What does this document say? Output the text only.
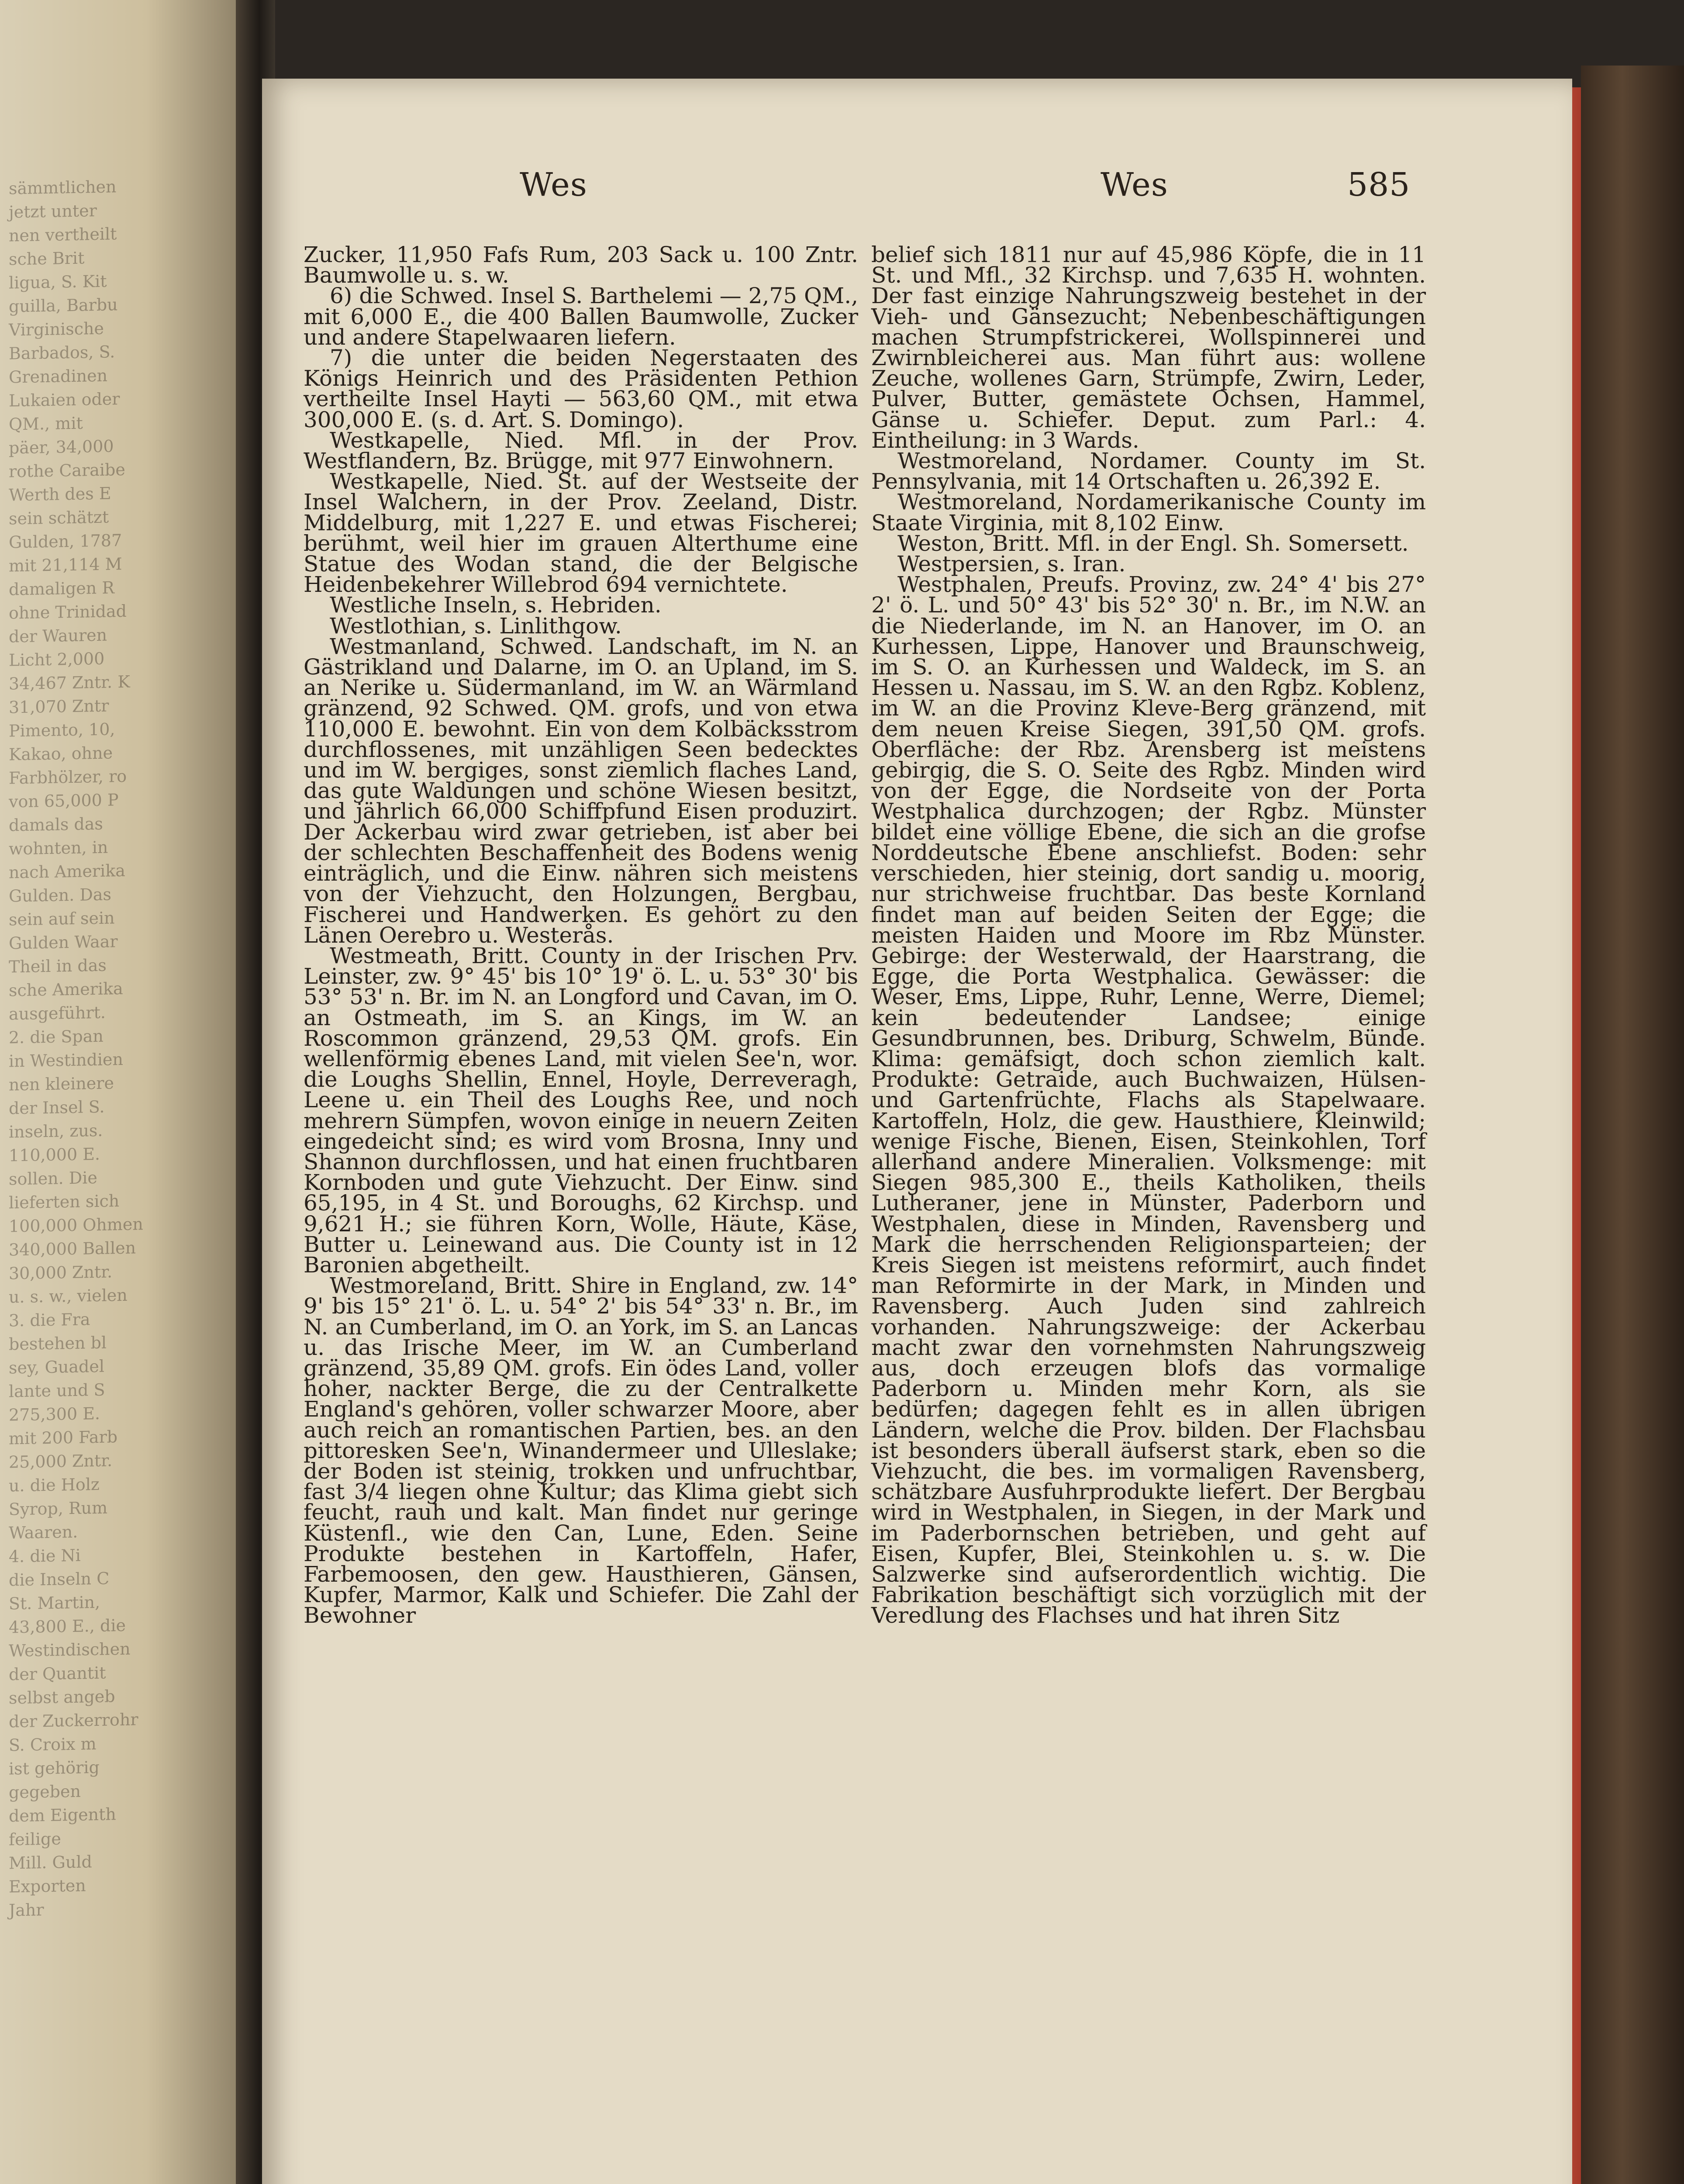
sämmtlichen
jetzt unter
nen vertheilt
sche Brit
ligua, S. Kit
guilla, Barbu
Virginische
Barbados, S.
Grenadinen
Lukaien oder
QM., mit
päer, 34,000
rothe Caraibe
Werth des E
sein schätzt
Gulden, 1787
mit 21,114 M
damaligen R
ohne Trinidad
der Wauren
Licht 2,000
34,467 Zntr. K
31,070 Zntr
Pimento, 10,
Kakao, ohne
Farbhölzer, ro
von 65,000 P
damals das
wohnten, in
nach Amerika
Gulden. Das
sein auf sein
Gulden Waar
Theil in das
sche Amerika
ausgeführt.
2. die Span
in Westindien
nen kleinere
der Insel S.
inseln, zus.
110,000 E.
sollen. Die
lieferten sich
100,000 Ohmen
340,000 Ballen
30,000 Zntr.
u. s. w., vielen
3. die Fra
bestehen bl
sey, Guadel
lante und S
275,300 E.
mit 200 Farb
25,000 Zntr.
u. die Holz
Syrop, Rum
Waaren.
4. die Ni
die Inseln C
St. Martin,
43,800 E., die
Westindischen
der Quantit
selbst angeb
der Zuckerrohr
S. Croix m
ist gehörig
gegeben
dem Eigenth
feilige
Mill. Guld
Exporten
Jahr
Wes	Wes	585

Zucker, 11,950 Fafs Rum, 203 Sack u. 100 Zntr. Baumwolle u. s. w.

6) die Schwed. Insel S. Barthelemi — 2,75 QM., mit 6,000 E., die 400 Ballen Baumwolle, Zucker und andere Stapelwaaren liefern.

7) die unter die beiden Negerstaaten des Königs Heinrich und des Präsidenten Pethion vertheilte Insel Hayti — 563,60 QM., mit etwa 300,000 E. (s. d. Art. S. Domingo).

Westkapelle, Nied. Mfl. in der Prov. Westflandern, Bz. Brügge, mit 977 Einwohnern.

Westkapelle, Nied. St. auf der Westseite der Insel Walchern, in der Prov. Zeeland, Distr. Middelburg, mit 1,227 E. und etwas Fischerei; berühmt, weil hier im grauen Alterthume eine Statue des Wodan stand, die der Belgische Heidenbekehrer Willebrod 694 vernichtete.

Westliche Inseln, s. Hebriden.

Westlothian, s. Linlithgow.

Westmanland, Schwed. Landschaft, im N. an Gästrikland und Dalarne, im O. an Upland, im S. an Nerike u. Südermanland, im W. an Wärmland gränzend, 92 Schwed. QM. grofs, und von etwa 110,000 E. bewohnt. Ein von dem Kolbäcksstrom durchflossenes, mit unzähligen Seen bedecktes und im W. bergiges, sonst ziemlich flaches Land, das gute Waldungen und schöne Wiesen besitzt, und jährlich 66,000 Schiffpfund Eisen produzirt. Der Ackerbau wird zwar getrieben, ist aber bei der schlechten Beschaffenheit des Bodens wenig einträglich, und die Einw. nähren sich meistens von der Viehzucht, den Holzungen, Bergbau, Fischerei und Handwerken. Es gehört zu den Länen Oerebro u. Westerås.

Westmeath, Britt. County in der Irischen Prv. Leinster, zw. 9° 45' bis 10° 19' ö. L. u. 53° 30' bis 53° 53' n. Br. im N. an Longford und Cavan, im O. an Ostmeath, im S. an Kings, im W. an Roscommon gränzend, 29,53 QM. grofs. Ein wellenförmig ebenes Land, mit vielen See'n, wor. die Loughs Shellin, Ennel, Hoyle, Derreveragh, Leene u. ein Theil des Loughs Ree, und noch mehrern Sümpfen, wovon einige in neuern Zeiten eingedeicht sind; es wird vom Brosna, Inny und Shannon durchflossen, und hat einen fruchtbaren Kornboden und gute Viehzucht. Der Einw. sind 65,195, in 4 St. und Boroughs, 62 Kirchsp. und 9,621 H.; sie führen Korn, Wolle, Häute, Käse, Butter u. Leinewand aus. Die County ist in 12 Baronien abgetheilt.

Westmoreland, Britt. Shire in England, zw. 14° 9' bis 15° 21' ö. L. u. 54° 2' bis 54° 33' n. Br., im N. an Cumberland, im O. an York, im S. an Lancas u. das Irische Meer, im W. an Cumberland gränzend, 35,89 QM. grofs. Ein ödes Land, voller hoher, nackter Berge, die zu der Centralkette England's gehören, voller schwarzer Moore, aber auch reich an romantischen Partien, bes. an den pittoresken See'n, Winandermeer und Ulleslake; der Boden ist steinig, trokken und unfruchtbar, fast 3/4 liegen ohne Kultur; das Klima giebt sich feucht, rauh und kalt. Man findet nur geringe Küstenfl., wie den Can, Lune, Eden. Seine Produkte bestehen in Kartoffeln, Hafer, Farbemoosen, den gew. Hausthieren, Gänsen, Kupfer, Marmor, Kalk und Schiefer. Die Zahl der Bewohner

belief sich 1811 nur auf 45,986 Köpfe, die in 11 St. und Mfl., 32 Kirchsp. und 7,635 H. wohnten. Der fast einzige Nahrungszweig bestehet in der Vieh- und Gänsezucht; Nebenbeschäftigungen machen Strumpfstrickerei, Wollspinnerei und Zwirnbleicherei aus. Man führt aus: wollene Zeuche, wollenes Garn, Strümpfe, Zwirn, Leder, Pulver, Butter, gemästete Ochsen, Hammel, Gänse u. Schiefer. Deput. zum Parl.: 4. Eintheilung: in 3 Wards.

Westmoreland, Nordamer. County im St. Pennsylvania, mit 14 Ortschaften u. 26,392 E.

Westmoreland, Nordamerikanische County im Staate Virginia, mit 8,102 Einw.

Weston, Britt. Mfl. in der Engl. Sh. Somersett.

Westpersien, s. Iran.

Westphalen, Preufs. Provinz, zw. 24° 4' bis 27° 2' ö. L. und 50° 43' bis 52° 30' n. Br., im N.W. an die Niederlande, im N. an Hanover, im O. an Kurhessen, Lippe, Hanover und Braunschweig, im S. O. an Kurhessen und Waldeck, im S. an Hessen u. Nassau, im S. W. an den Rgbz. Koblenz, im W. an die Provinz Kleve-Berg gränzend, mit dem neuen Kreise Siegen, 391,50 QM. grofs. Oberfläche: der Rbz. Arensberg ist meistens gebirgig, die S. O. Seite des Rgbz. Minden wird von der Egge, die Nordseite von der Porta Westphalica durchzogen; der Rgbz. Münster bildet eine völlige Ebene, die sich an die grofse Norddeutsche Ebene anschliefst. Boden: sehr verschieden, hier steinig, dort sandig u. moorig, nur strichweise fruchtbar. Das beste Kornland findet man auf beiden Seiten der Egge; die meisten Haiden und Moore im Rbz Münster. Gebirge: der Westerwald, der Haarstrang, die Egge, die Porta Westphalica. Gewässer: die Weser, Ems, Lippe, Ruhr, Lenne, Werre, Diemel; kein bedeutender Landsee; einige Gesundbrunnen, bes. Driburg, Schwelm, Bünde. Klima: gemäfsigt, doch schon ziemlich kalt. Produkte: Getraide, auch Buchwaizen, Hülsen- und Gartenfrüchte, Flachs als Stapelwaare. Kartoffeln, Holz, die gew. Hausthiere, Kleinwild; wenige Fische, Bienen, Eisen, Steinkohlen, Torf allerhand andere Mineralien. Volksmenge: mit Siegen 985,300 E., theils Katholiken, theils Lutheraner, jene in Münster, Paderborn und Westphalen, diese in Minden, Ravensberg und Mark die herrschenden Religionsparteien; der Kreis Siegen ist meistens reformirt, auch findet man Reformirte in der Mark, in Minden und Ravensberg. Auch Juden sind zahlreich vorhanden. Nahrungszweige: der Ackerbau macht zwar den vornehmsten Nahrungszweig aus, doch erzeugen blofs das vormalige Paderborn u. Minden mehr Korn, als sie bedürfen; dagegen fehlt es in allen übrigen Ländern, welche die Prov. bilden. Der Flachsbau ist besonders überall äufserst stark, eben so die Viehzucht, die bes. im vormaligen Ravensberg, schätzbare Ausfuhrprodukte liefert. Der Bergbau wird in Westphalen, in Siegen, in der Mark und im Paderbornschen betrieben, und geht auf Eisen, Kupfer, Blei, Steinkohlen u. s. w. Die Salzwerke sind aufserordentlich wichtig. Die Fabrikation beschäftigt sich vorzüglich mit der Veredlung des Flachses und hat ihren Sitz
